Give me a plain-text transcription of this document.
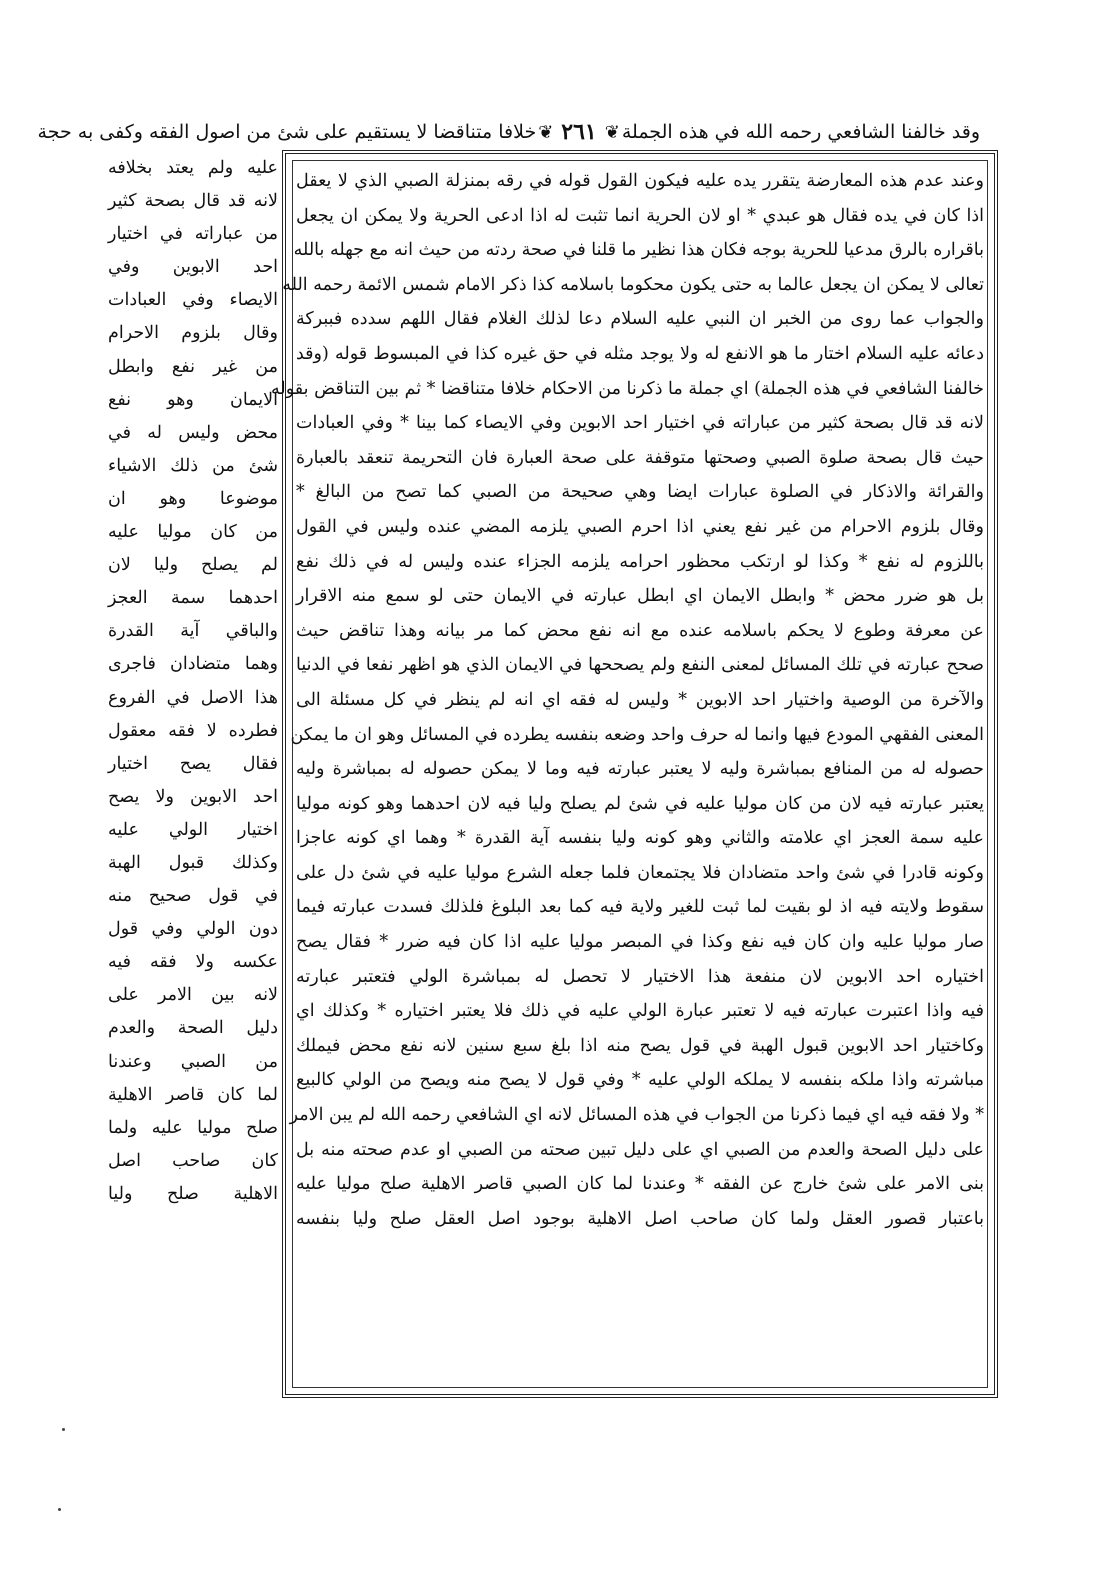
وقد خالفنا الشافعي رحمه الله في هذه الجملة
❦
٢٦١
❦
خلافا متناقضا لا يستقيم على شئ من اصول الفقه وكفى به حجة

وعند عدم هذه المعارضة يتقرر يده عليه فيكون القول قوله في رقه بمنزلة الصبي الذي لا يعقل

اذا كان في يده فقال هو عبدي * او لان الحرية انما تثبت له اذا ادعى الحرية ولا يمكن ان يجعل

باقراره بالرق مدعيا للحرية بوجه فكان هذا نظير ما قلنا في صحة ردته من حيث انه مع جهله بالله

تعالى لا يمكن ان يجعل عالما به حتى يكون محكوما باسلامه كذا ذكر الامام شمس الائمة رحمه الله

والجواب عما روى من الخبر ان النبي عليه السلام دعا لذلك الغلام فقال اللهم سدده فببركة

دعائه عليه السلام اختار ما هو الانفع له ولا يوجد مثله في حق غيره كذا في المبسوط قوله (وقد

خالفنا الشافعي في هذه الجملة) اي جملة ما ذكرنا من الاحكام خلافا متناقضا * ثم بين التناقض بقوله

لانه قد قال بصحة كثير من عباراته في اختيار احد الابوين وفي الايصاء كما بينا * وفي العبادات

حيث قال بصحة صلوة الصبي وصحتها متوقفة على صحة العبارة فان التحريمة تنعقد بالعبارة

والقرائة والاذكار في الصلوة عبارات ايضا وهي صحيحة من الصبي كما تصح من البالغ *

وقال بلزوم الاحرام من غير نفع يعني اذا احرم الصبي يلزمه المضي عنده وليس في القول

باللزوم له نفع * وكذا لو ارتكب محظور احرامه يلزمه الجزاء عنده وليس له في ذلك نفع

بل هو ضرر محض * وابطل الايمان اي ابطل عبارته في الايمان حتى لو سمع منه الاقرار

عن معرفة وطوع لا يحكم باسلامه عنده مع انه نفع محض كما مر بيانه وهذا تناقض حيث

صحح عبارته في تلك المسائل لمعنى النفع ولم يصححها في الايمان الذي هو اظهر نفعا في الدنيا

والآخرة من الوصية واختيار احد الابوين * وليس له فقه اي انه لم ينظر في كل مسئلة الى

المعنى الفقهي المودع فيها وانما له حرف واحد وضعه بنفسه يطرده في المسائل وهو ان ما يمكن

حصوله له من المنافع بمباشرة وليه لا يعتبر عبارته فيه وما لا يمكن حصوله له بمباشرة وليه

يعتبر عبارته فيه لان من كان موليا عليه في شئ لم يصلح وليا فيه لان احدهما وهو كونه موليا

عليه سمة العجز اي علامته والثاني وهو كونه وليا بنفسه آية القدرة * وهما اي كونه عاجزا

وكونه قادرا في شئ واحد متضادان فلا يجتمعان فلما جعله الشرع موليا عليه في شئ دل على

سقوط ولايته فيه اذ لو بقيت لما ثبت للغير ولاية فيه كما بعد البلوغ فلذلك فسدت عبارته فيما

صار موليا عليه وان كان فيه نفع وكذا في المبصر موليا عليه اذا كان فيه ضرر * فقال يصح

اختياره احد الابوين لان منفعة هذا الاختيار لا تحصل له بمباشرة الولي فتعتبر عبارته

فيه واذا اعتبرت عبارته فيه لا تعتبر عبارة الولي عليه في ذلك فلا يعتبر اختياره * وكذلك اي

وكاختيار احد الابوين قبول الهبة في قول يصح منه اذا بلغ سبع سنين لانه نفع محض فيملك

مباشرته واذا ملكه بنفسه لا يملكه الولي عليه * وفي قول لا يصح منه ويصح من الولي كالبيع

* ولا فقه فيه اي فيما ذكرنا من الجواب في هذه المسائل لانه اي الشافعي رحمه الله لم يبن الامر

على دليل الصحة والعدم من الصبي اي على دليل تبين صحته من الصبي او عدم صحته منه بل

بنى الامر على شئ خارج عن الفقه * وعندنا لما كان الصبي قاصر الاهلية صلح موليا عليه

باعتبار قصور العقل ولما كان صاحب اصل الاهلية بوجود اصل العقل صلح وليا بنفسه

عليه ولم يعتد بخلافه

لانه قد قال بصحة كثير

من عباراته في اختيار

احد الابوين وفي

الايصاء وفي العبادات

وقال بلزوم الاحرام

من غير نفع وابطل

الايمان وهو نفع

محض وليس له في

شئ من ذلك الاشياء

موضوعا وهو ان

من كان موليا عليه

لم يصلح وليا لان

احدهما سمة العجز

والباقي آية القدرة

وهما متضادان فاجرى

هذا الاصل في الفروع

فطرده لا فقه معقول

فقال يصح اختيار

احد الابوين ولا يصح

اختيار الولي عليه

وكذلك قبول الهبة

في قول صحيح منه

دون الولي وفي قول

عكسه ولا فقه فيه

لانه بين الامر على

دليل الصحة والعدم

من الصبي وعندنا

لما كان قاصر الاهلية

صلح موليا عليه ولما

كان صاحب اصل

الاهلية صلح وليا
